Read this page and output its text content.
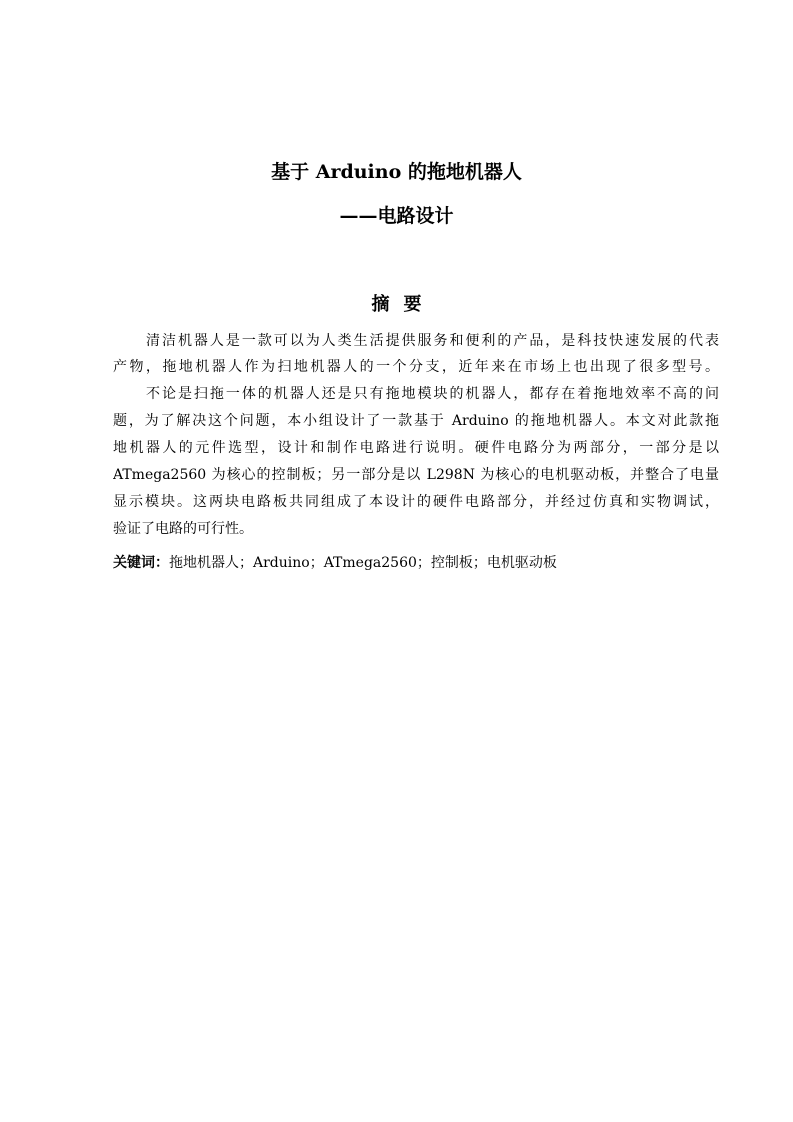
基于 Arduino 的拖地机器人
——电路设计
摘要
清洁机器人是一款可以为人类生活提供服务和便利的产品，是科技快速发展的代表
产物，拖地机器人作为扫地机器人的一个分支，近年来在市场上也出现了很多型号。
不论是扫拖一体的机器人还是只有拖地模块的机器人，都存在着拖地效率不高的问
题，为了解决这个问题，本小组设计了一款基于 Arduino 的拖地机器人。本文对此款拖
地机器人的元件选型，设计和制作电路进行说明。硬件电路分为两部分，一部分是以
ATmega2560 为核心的控制板；另一部分是以 L298N 为核心的电机驱动板，并整合了电量
显示模块。这两块电路板共同组成了本设计的硬件电路部分，并经过仿真和实物调试，
验证了电路的可行性。
关键词：拖地机器人；Arduino；ATmega2560；控制板；电机驱动板
